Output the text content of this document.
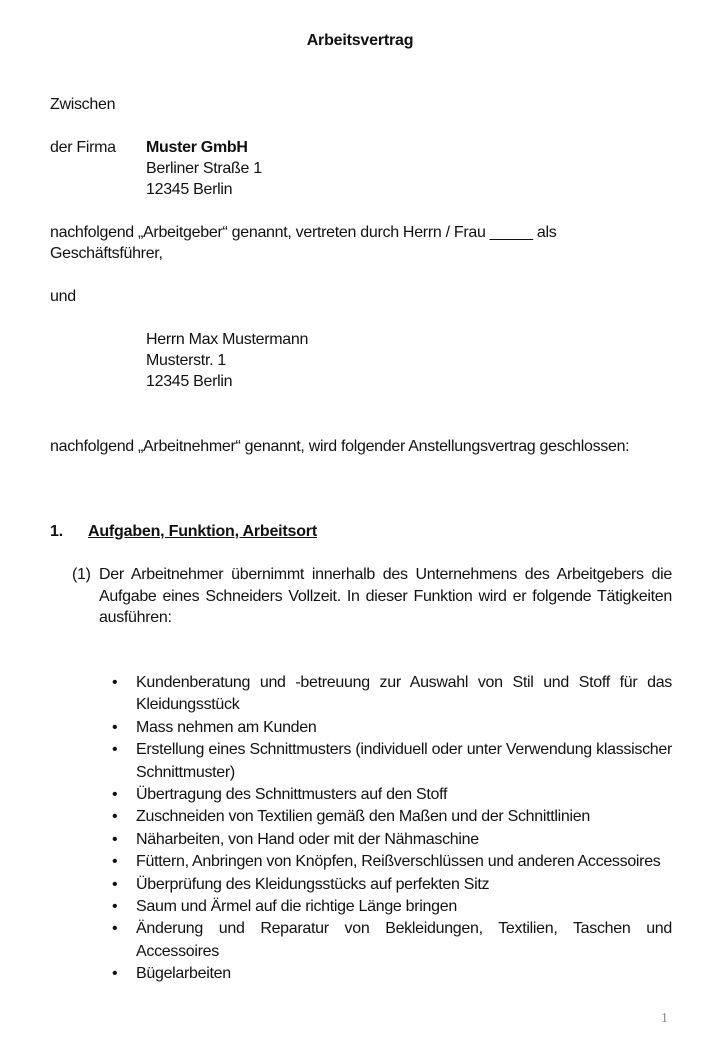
Arbeitsvertrag
Zwischen
der Firma Muster GmbH
Berliner Straße 1
12345 Berlin
nachfolgend „Arbeitgeber“ genannt, vertreten durch Herrn / Frau _____ als
Geschäftsführer,
und
Herrn Max Mustermann
Musterstr. 1
12345 Berlin
nachfolgend „Arbeitnehmer“ genannt, wird folgender Anstellungsvertrag geschlossen:
1. Aufgaben, Funktion, Arbeitsort
(1) Der Arbeitnehmer übernimmt innerhalb des Unternehmens des Arbeitgebers die Aufgabe eines Schneiders Vollzeit. In dieser Funktion wird er folgende Tätigkeiten ausführen:
• Kundenberatung und -betreuung zur Auswahl von Stil und Stoff für das Kleidungsstück
• Mass nehmen am Kunden
• Erstellung eines Schnittmusters (individuell oder unter Verwendung klassischer Schnittmuster)
• Übertragung des Schnittmusters auf den Stoff
• Zuschneiden von Textilien gemäß den Maßen und der Schnittlinien
• Näharbeiten, von Hand oder mit der Nähmaschine
• Füttern, Anbringen von Knöpfen, Reißverschlüssen und anderen Accessoires
• Überprüfung des Kleidungsstücks auf perfekten Sitz
• Saum und Ärmel auf die richtige Länge bringen
• Änderung und Reparatur von Bekleidungen, Textilien, Taschen und Accessoires
• Bügelarbeiten
1
